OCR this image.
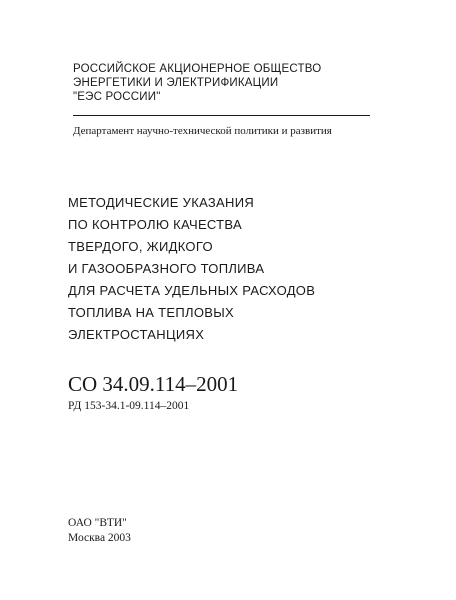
РОССИЙСКОЕ АКЦИОНЕРНОЕ ОБЩЕСТВО
ЭНЕРГЕТИКИ И ЭЛЕКТРИФИКАЦИИ
"ЕЭС РОССИИ"
Департамент научно-технической политики и развития
МЕТОДИЧЕСКИЕ УКАЗАНИЯ
ПО КОНТРОЛЮ КАЧЕСТВА
ТВЕРДОГО, ЖИДКОГО
И ГАЗООБРАЗНОГО ТОПЛИВА
ДЛЯ РАСЧЕТА УДЕЛЬНЫХ РАСХОДОВ
ТОПЛИВА НА ТЕПЛОВЫХ
ЭЛЕКТРОСТАНЦИЯХ
СО 34.09.114–2001
РД 153-34.1-09.114–2001
ОАО "ВТИ"
Москва 2003
